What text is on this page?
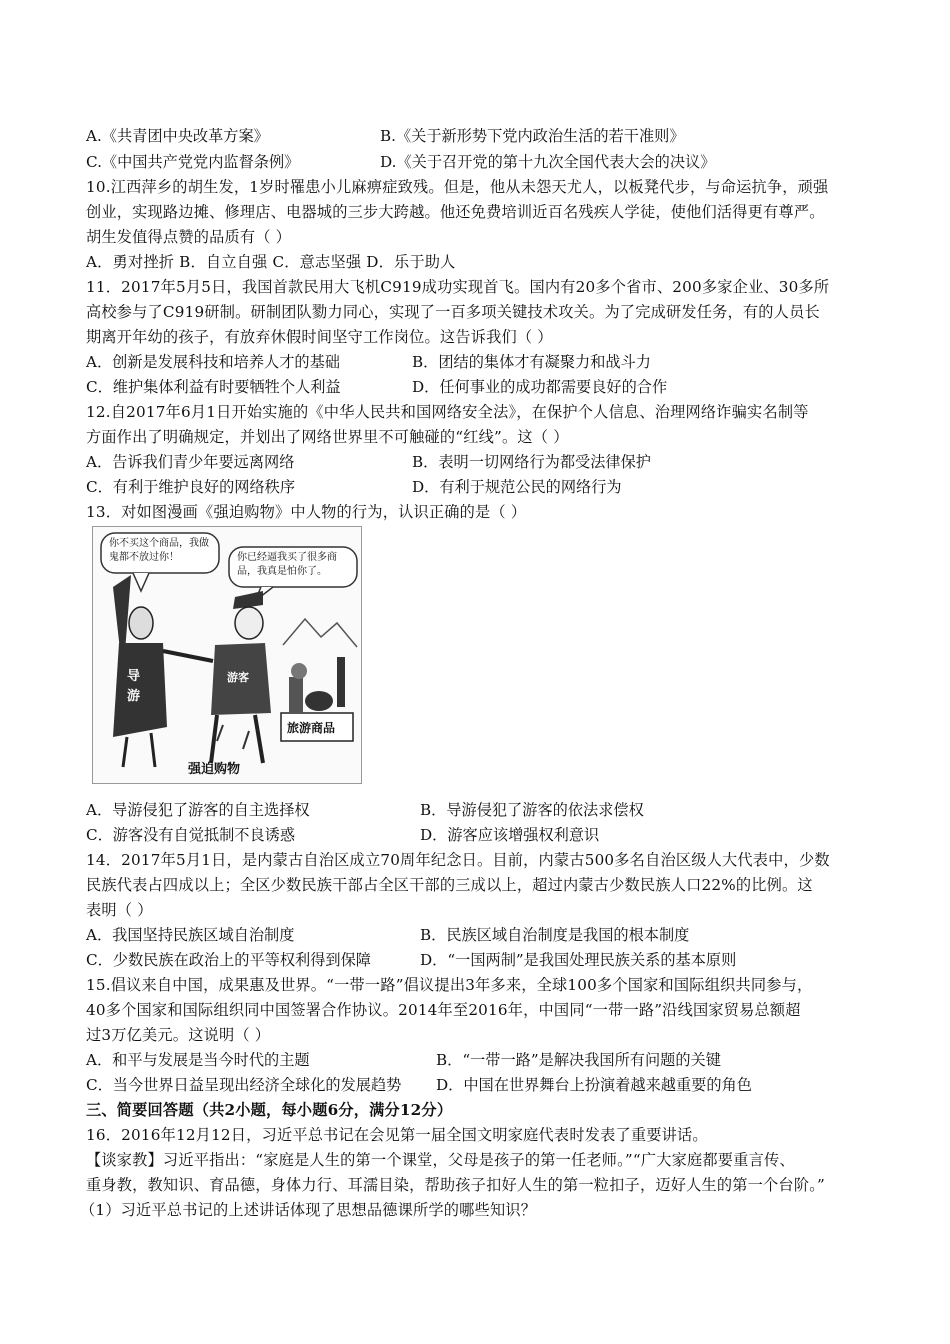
A.《共青团中央改革方案》	B.《关于新形势下党内政治生活的若干准则》
C.《中国共产党党内监督条例》	D.《关于召开党的第十九次全国代表大会的决议》
10.江西萍乡的胡生发，1岁时罹患小儿麻痹症致残。但是，他从未怨天尤人，以板凳代步，与命运抗争，顽强
创业，实现路边摊、修理店、电器城的三步大跨越。他还免费培训近百名残疾人学徒，使他们活得更有尊严。
胡生发值得点赞的品质有（ ）
A．勇对挫折 B．自立自强 C．意志坚强 D．乐于助人
11．2017年5月5日，我国首款民用大飞机C919成功实现首飞。国内有20多个省市、200多家企业、30多所
高校参与了C919研制。研制团队勠力同心，实现了一百多项关键技术攻关。为了完成研发任务，有的人员长
期离开年幼的孩子，有放弃休假时间坚守工作岗位。这告诉我们（ ）
A．创新是发展科技和培养人才的基础	B．团结的集体才有凝聚力和战斗力
C．维护集体利益有时要牺牲个人利益	D．任何事业的成功都需要良好的合作
12.自2017年6月1日开始实施的《中华人民共和国网络安全法》，在保护个人信息、治理网络诈骗实名制等
方面作出了明确规定，并划出了网络世界里不可触碰的“红线”。这（ ）
A．告诉我们青少年要远离网络	B．表明一切网络行为都受法律保护
C．有利于维护良好的网络秩序	D．有利于规范公民的网络行为
13．对如图漫画《强迫购物》中人物的行为，认识正确的是（ ）
你不买这个商品，我做鬼都不放过你！	你已经逼我买了很多商品，我真是怕你了。
导游
游客
旅游商品
强迫购物
A．导游侵犯了游客的自主选择权	B．导游侵犯了游客的依法求偿权
C．游客没有自觉抵制不良诱惑	D．游客应该增强权利意识
14．2017年5月1日，是内蒙古自治区成立70周年纪念日。目前，内蒙古500多名自治区级人大代表中，少数
民族代表占四成以上；全区少数民族干部占全区干部的三成以上，超过内蒙古少数民族人口22%的比例。这
表明（ ）
A．我国坚持民族区域自治制度	B．民族区域自治制度是我国的根本制度
C．少数民族在政治上的平等权利得到保障	D．“一国两制”是我国处理民族关系的基本原则
15.倡议来自中国，成果惠及世界。“一带一路”倡议提出3年多来，全球100多个国家和国际组织共同参与，
40多个国家和国际组织同中国签署合作协议。2014年至2016年，中国同“一带一路”沿线国家贸易总额超
过3万亿美元。这说明（ ）
A．和平与发展是当今时代的主题	B．“一带一路”是解决我国所有问题的关键
C．当今世界日益呈现出经济全球化的发展趋势 D．中国在世界舞台上扮演着越来越重要的角色
三、简要回答题（共2小题，每小题6分，满分12分）
16．2016年12月12日，习近平总书记在会见第一届全国文明家庭代表时发表了重要讲话。
【谈家教】习近平指出：“家庭是人生的第一个课堂，父母是孩子的第一任老师。”“广大家庭都要重言传、
重身教，教知识、育品德，身体力行、耳濡目染，帮助孩子扣好人生的第一粒扣子，迈好人生的第一个台阶。”
（1）习近平总书记的上述讲话体现了思想品德课所学的哪些知识？
